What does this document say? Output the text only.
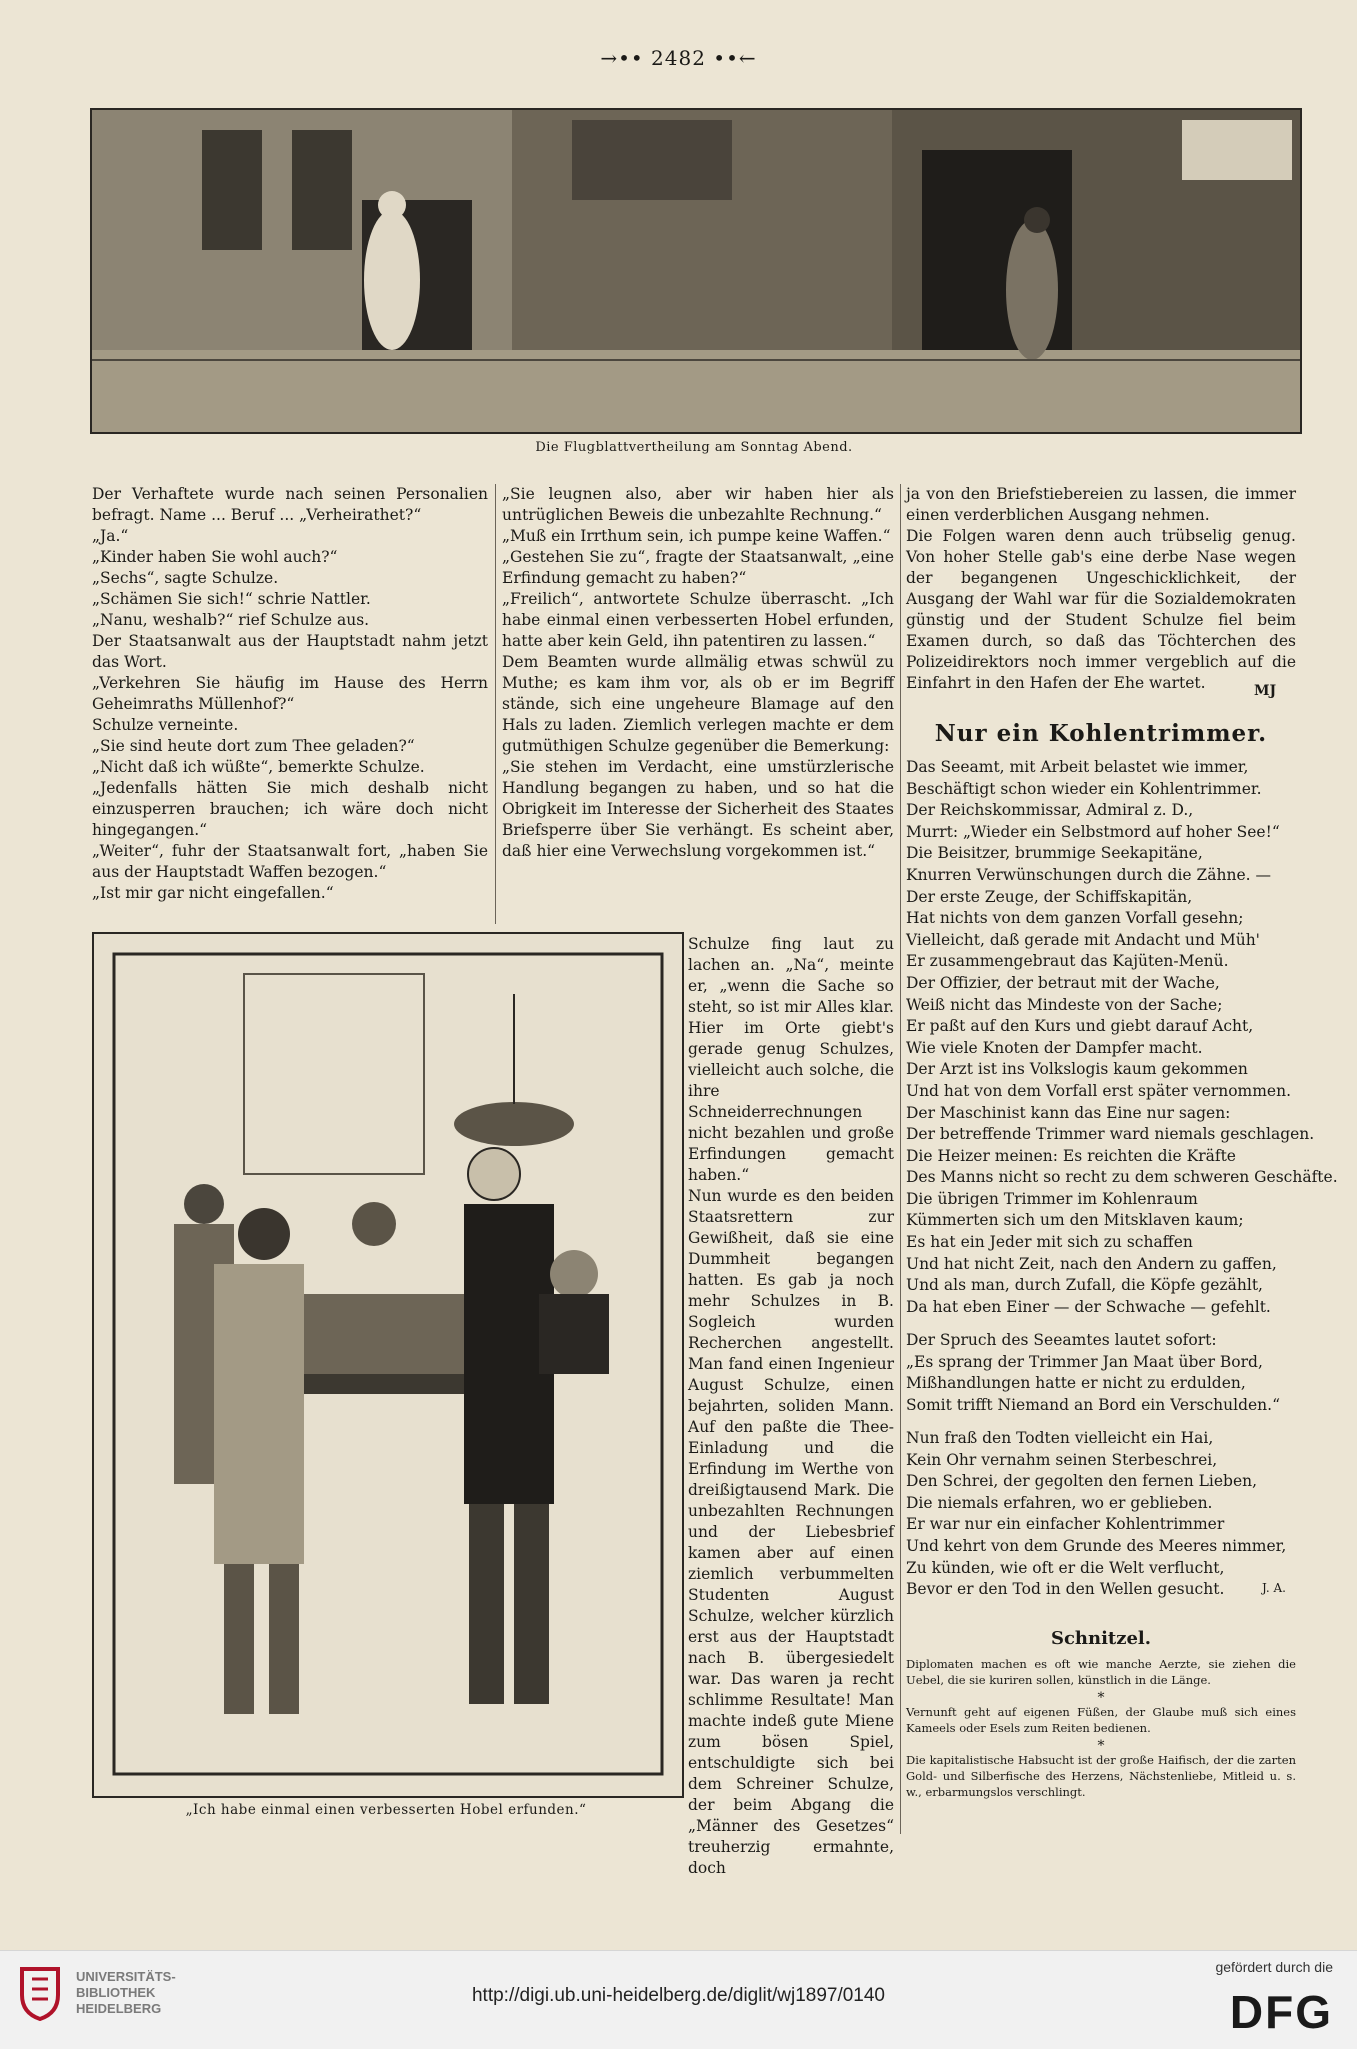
→•• 2482 ••←
Die Flugblattvertheilung am Sonntag Abend.
Der Verhaftete wurde nach seinen Personalien befragt. Name ... Beruf ... „Verheirathet?“
„Ja.“
„Kinder haben Sie wohl auch?“
„Sechs“, sagte Schulze.
„Schämen Sie sich!“ schrie Nattler.
„Nanu, weshalb?“ rief Schulze aus.
Der Staatsanwalt aus der Hauptstadt nahm jetzt das Wort.
„Verkehren Sie häufig im Hause des Herrn Geheimraths Müllenhof?“
Schulze verneinte.
„Sie sind heute dort zum Thee geladen?“
„Nicht daß ich wüßte“, bemerkte Schulze.
„Jedenfalls hätten Sie mich deshalb nicht einzusperren brauchen; ich wäre doch nicht hingegangen.“
„Weiter“, fuhr der Staatsanwalt fort, „haben Sie aus der Hauptstadt Waffen bezogen.“
„Ist mir gar nicht eingefallen.“
„Sie leugnen also, aber wir haben hier als untrüglichen Beweis die unbezahlte Rechnung.“
„Muß ein Irrthum sein, ich pumpe keine Waffen.“
„Gestehen Sie zu“, fragte der Staatsanwalt, „eine Erfindung gemacht zu haben?“
„Freilich“, antwortete Schulze überrascht. „Ich habe einmal einen verbesserten Hobel erfunden, hatte aber kein Geld, ihn patentiren zu lassen.“
Dem Beamten wurde allmälig etwas schwül zu Muthe; es kam ihm vor, als ob er im Begriff stände, sich eine ungeheure Blamage auf den Hals zu laden. Ziemlich verlegen machte er dem gutmüthigen Schulze gegenüber die Bemerkung:
„Sie stehen im Verdacht, eine umstürzlerische Handlung begangen zu haben, und so hat die Obrigkeit im Interesse der Sicherheit des Staates Briefsperre über Sie verhängt. Es scheint aber, daß hier eine Verwechslung vorgekommen ist.“
„Ich habe einmal einen verbesserten Hobel erfunden.“
Schulze fing laut zu lachen an. „Na“, meinte er, „wenn die Sache so steht, so ist mir Alles klar. Hier im Orte giebt's gerade genug Schulzes, vielleicht auch solche, die ihre Schneiderrechnungen nicht bezahlen und große Erfindungen gemacht haben.“
Nun wurde es den beiden Staatsrettern zur Gewißheit, daß sie eine Dummheit begangen hatten. Es gab ja noch mehr Schulzes in B. Sogleich wurden Recherchen angestellt. Man fand einen Ingenieur August Schulze, einen bejahrten, soliden Mann. Auf den paßte die Thee-Einladung und die Erfindung im Werthe von dreißigtausend Mark. Die unbezahlten Rechnungen und der Liebesbrief kamen aber auf einen ziemlich verbummelten Studenten August Schulze, welcher kürzlich erst aus der Hauptstadt nach B. übergesiedelt war. Das waren ja recht schlimme Resultate! Man machte indeß gute Miene zum bösen Spiel, entschuldigte sich bei dem Schreiner Schulze, der beim Abgang die „Männer des Gesetzes“ treuherzig ermahnte, doch
ja von den Briefstiebereien zu lassen, die immer einen verderblichen Ausgang nehmen.
Die Folgen waren denn auch trübselig genug. Von hoher Stelle gab's eine derbe Nase wegen der begangenen Ungeschicklichkeit, der Ausgang der Wahl war für die Sozialdemokraten günstig und der Student Schulze fiel beim Examen durch, so daß das Töchterchen des Polizeidirektors noch immer vergeblich auf die Einfahrt in den Hafen der Ehe wartet.	MJ
Nur ein Kohlentrimmer.
Das Seeamt, mit Arbeit belastet wie immer,
Beschäftigt schon wieder ein Kohlentrimmer.
Der Reichskommissar, Admiral z. D.,
Murrt: „Wieder ein Selbstmord auf hoher See!“
Die Beisitzer, brummige Seekapitäne,
Knurren Verwünschungen durch die Zähne. —
Der erste Zeuge, der Schiffskapitän,
Hat nichts von dem ganzen Vorfall gesehn;
Vielleicht, daß gerade mit Andacht und Müh'
Er zusammengebraut das Kajüten-Menü.
Der Offizier, der betraut mit der Wache,
Weiß nicht das Mindeste von der Sache;
Er paßt auf den Kurs und giebt darauf Acht,
Wie viele Knoten der Dampfer macht.
Der Arzt ist ins Volkslogis kaum gekommen
Und hat von dem Vorfall erst später vernommen.
Der Maschinist kann das Eine nur sagen:
Der betreffende Trimmer ward niemals geschlagen.
Die Heizer meinen: Es reichten die Kräfte
Des Manns nicht so recht zu dem schweren Geschäfte.
Die übrigen Trimmer im Kohlenraum
Kümmerten sich um den Mitsklaven kaum;
Es hat ein Jeder mit sich zu schaffen
Und hat nicht Zeit, nach den Andern zu gaffen,
Und als man, durch Zufall, die Köpfe gezählt,
Da hat eben Einer — der Schwache — gefehlt.
Der Spruch des Seeamtes lautet sofort:
„Es sprang der Trimmer Jan Maat über Bord,
Mißhandlungen hatte er nicht zu erdulden,
Somit trifft Niemand an Bord ein Verschulden.“
Nun fraß den Todten vielleicht ein Hai,
Kein Ohr vernahm seinen Sterbeschrei,
Den Schrei, der gegolten den fernen Lieben,
Die niemals erfahren, wo er geblieben.
Er war nur ein einfacher Kohlentrimmer
Und kehrt von dem Grunde des Meeres nimmer,
Zu künden, wie oft er die Welt verflucht,
Bevor er den Tod in den Wellen gesucht.	J. A.
Schnitzel.
Diplomaten machen es oft wie manche Aerzte, sie ziehen die Uebel, die sie kuriren sollen, künstlich in die Länge.
*
Vernunft geht auf eigenen Füßen, der Glaube muß sich eines Kameels oder Esels zum Reiten bedienen.
*
Die kapitalistische Habsucht ist der große Haifisch, der die zarten Gold- und Silberfische des Herzens, Nächstenliebe, Mitleid u. s. w., erbarmungslos verschlingt.
UNIVERSITÄTS-
BIBLIOTHEK
HEIDELBERG
http://digi.ub.uni-heidelberg.de/diglit/wj1897/0140
gefördert durch die
DFG
